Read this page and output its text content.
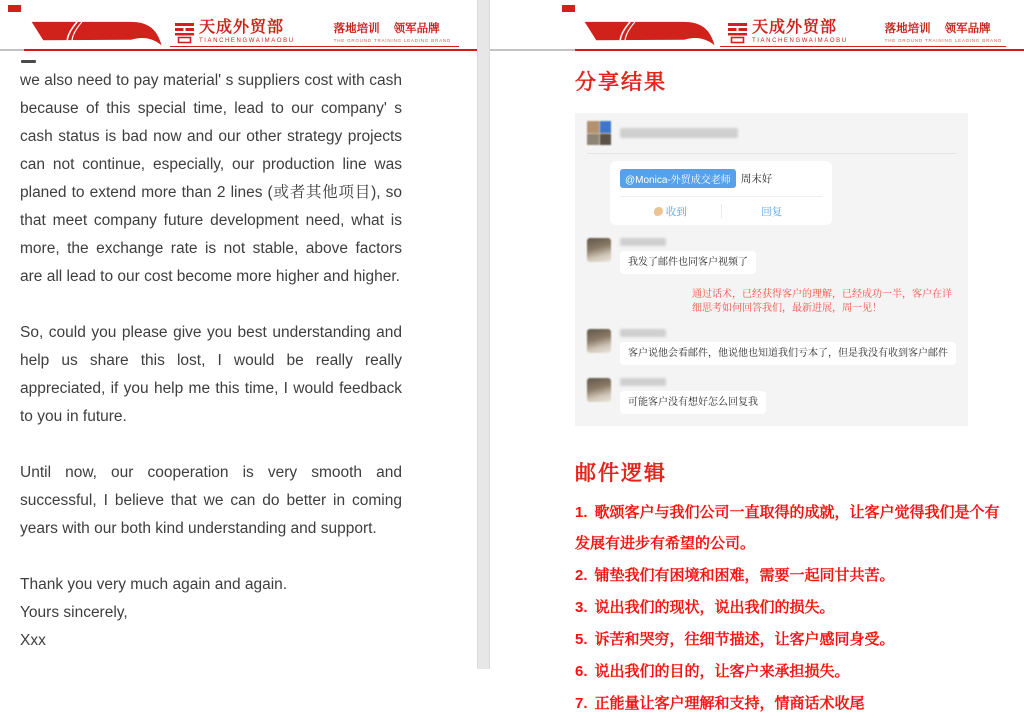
天成外贸部
TIANCHENGWAIMAOBU
落地培训 领军品牌
THE GROUND TRAINING LEADING BRAND

we also need to pay material' s suppliers cost with cash because of this special time, lead to our company' s cash status is bad now and our other strategy projects can not continue, especially, our production line was planed to extend more than 2 lines (或者其他项目), so that meet company future development need, what is more, the exchange rate is not stable, above factors are all lead to our cost become more higher and higher.

So, could you please give you best understanding and help us share this lost, I would be really really appreciated, if you help me this time, I would feedback to you in future.

Until now, our cooperation is very smooth and successful, I believe that we can do better in coming years with our both kind understanding and support.

Thank you very much again and again.
Yours sincerely,
Xxx
天成外贸部
TIANCHENGWAIMAOBU
落地培训 领军品牌
THE GROUND TRAINING LEADING BRAND
分享结果
@Monica-外贸成交老师 周末好
收到	回复
我发了邮件也同客户视频了
通过话术，已经获得客户的理解，已经成功一半，客户在详细思考如何回答我们，最新进展，周一见！
客户说他会看邮件，他说他也知道我们亏本了，但是我没有收到客户邮件
可能客户没有想好怎么回复我
邮件逻辑
1. 歌颂客户与我们公司一直取得的成就，让客户觉得我们是个有发展有进步有希望的公司。
2. 铺垫我们有困境和困难，需要一起同甘共苦。
3. 说出我们的现状，说出我们的损失。
5. 诉苦和哭穷，往细节描述，让客户感同身受。
6. 说出我们的目的，让客户来承担损失。
7. 正能量让客户理解和支持，情商话术收尾
